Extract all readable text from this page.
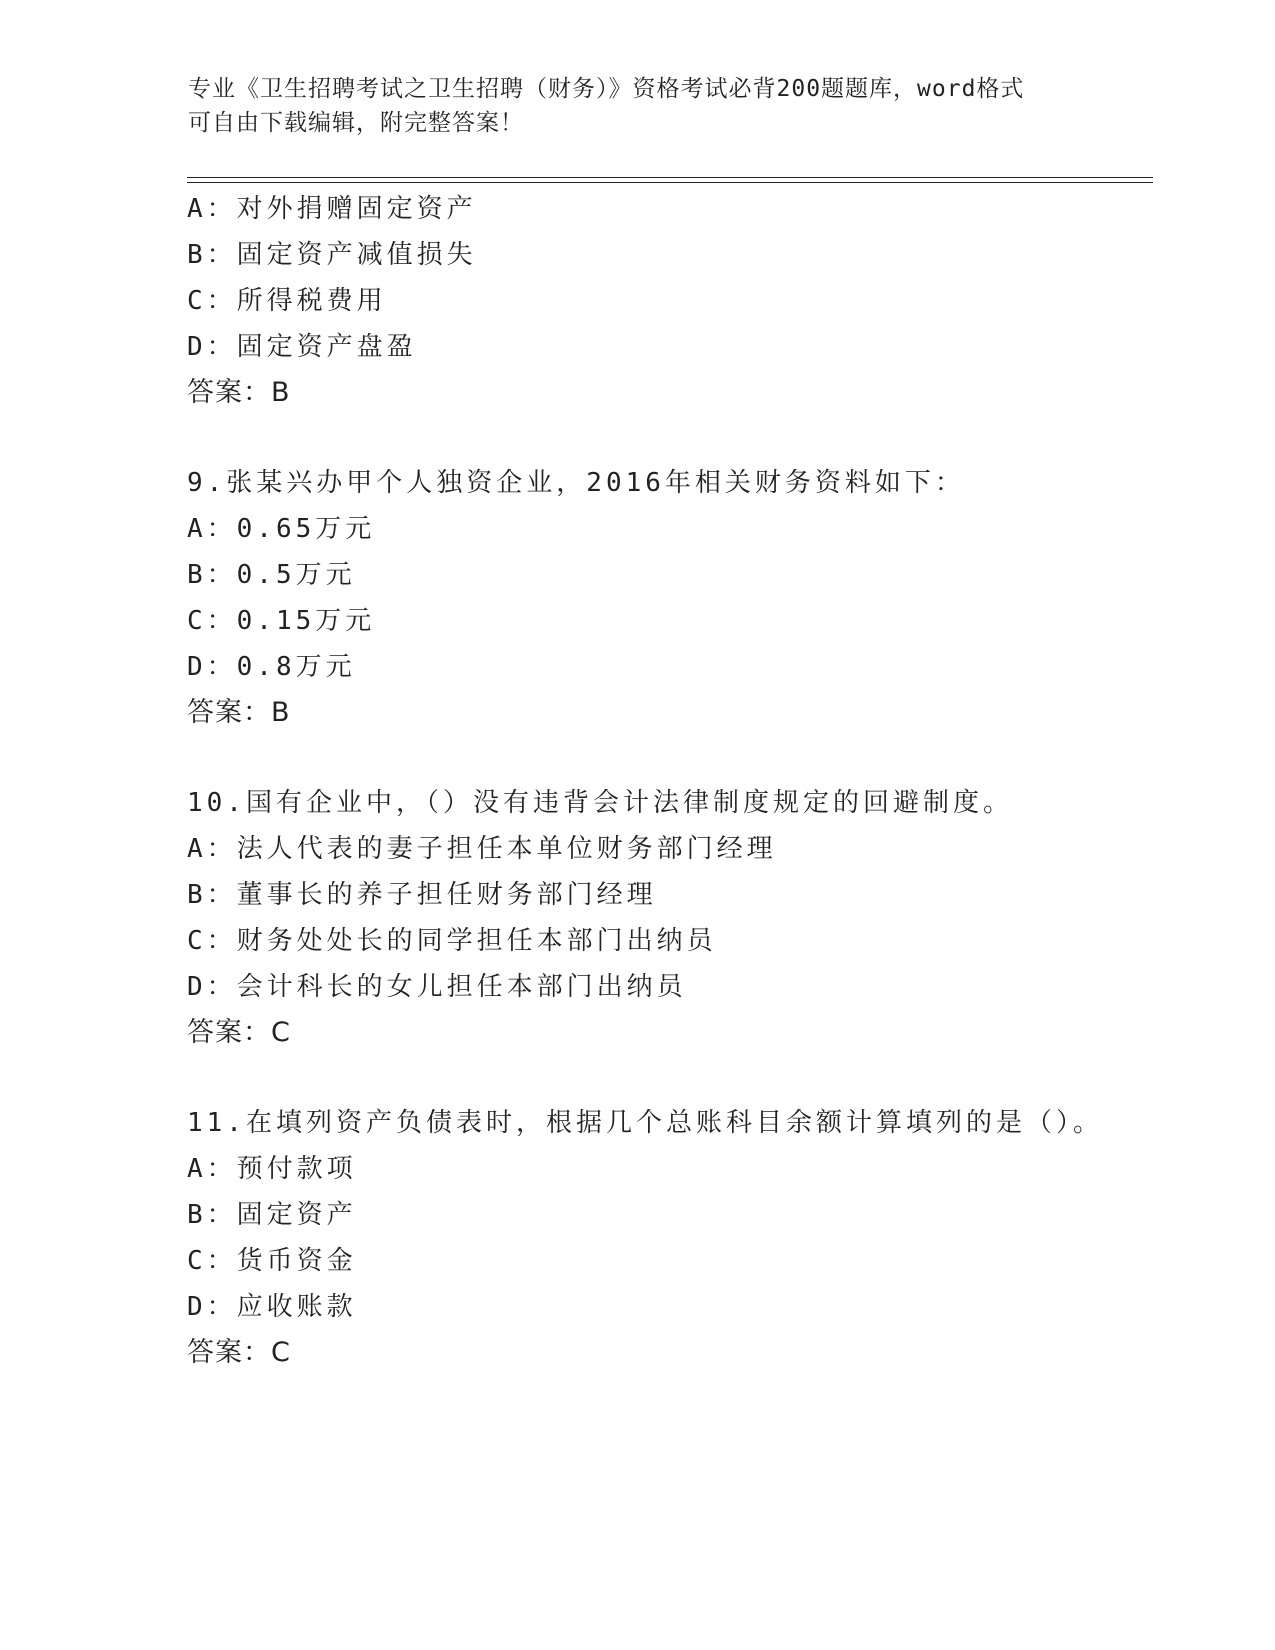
专业《卫生招聘考试之卫生招聘（财务）》资格考试必背200题题库，word格式
可自由下载编辑，附完整答案！
A：对外捐赠固定资产
B：固定资产减值损失
C：所得税费用
D：固定资产盘盈
答案：B
9.张某兴办甲个人独资企业，2016年相关财务资料如下：
A：0.65万元
B：0.5万元
C：0.15万元
D：0.8万元
答案：B
10.国有企业中，（）没有违背会计法律制度规定的回避制度。
A：法人代表的妻子担任本单位财务部门经理
B：董事长的养子担任财务部门经理
C：财务处处长的同学担任本部门出纳员
D：会计科长的女儿担任本部门出纳员
答案：C
11.在填列资产负债表时，根据几个总账科目余额计算填列的是（）。
A：预付款项
B：固定资产
C：货币资金
D：应收账款
答案：C
